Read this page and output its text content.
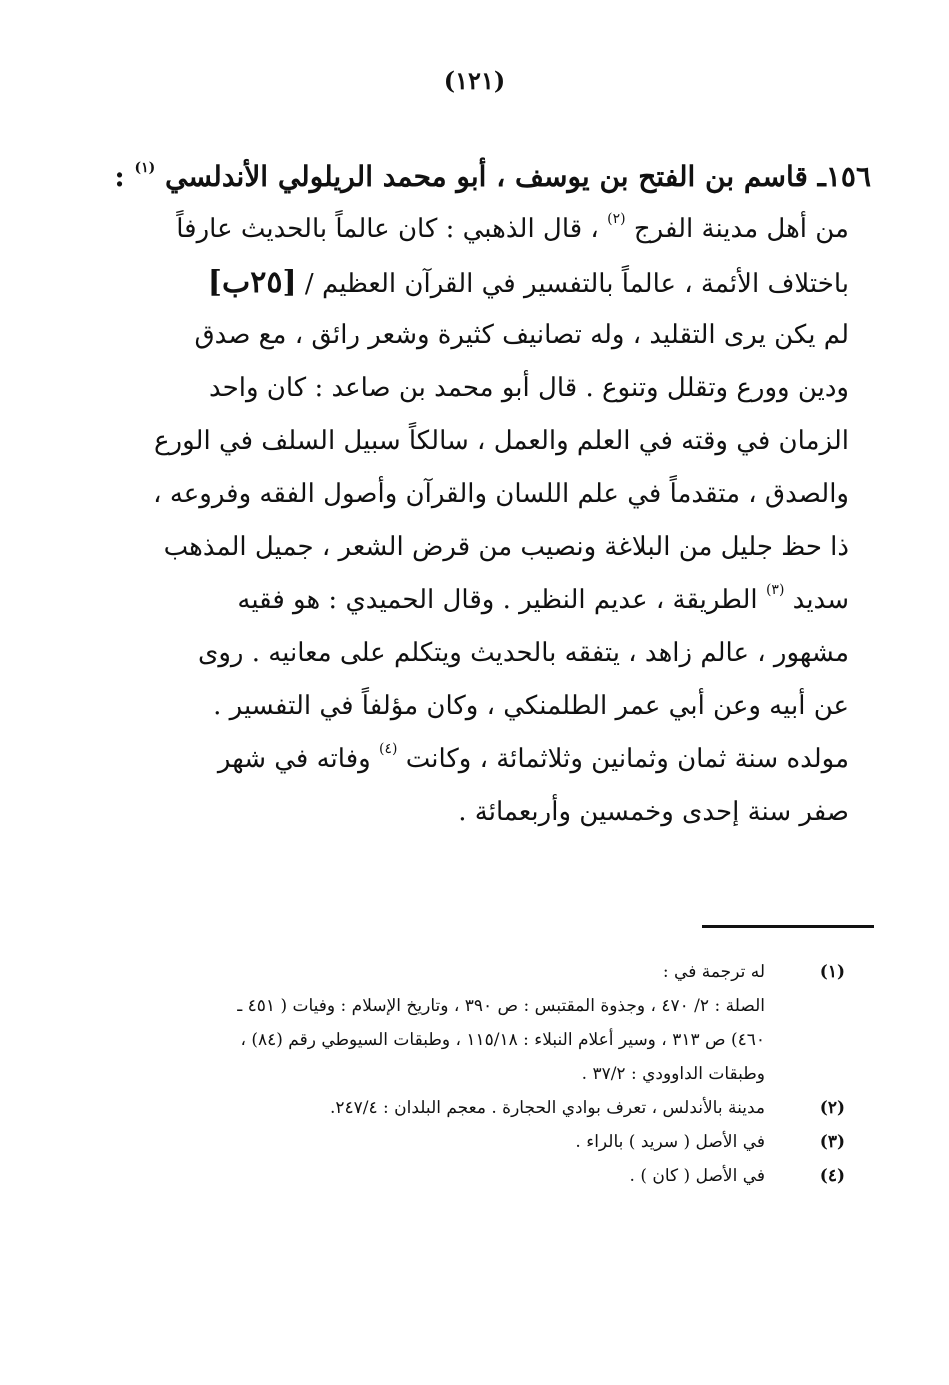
(١٢١)
١٥٦ـ قاسم بن الفتح بن يوسف ، أبو محمد الريلولي الأندلسي $^{(١)}$ :
من أهل مدينة الفرج $^{(٢)}$ ، قال الذهبي : كان عالماً بالحديث عارفاً
باختلاف الأئمة ، عالماً بالتفسير في القرآن العظيم / [٢٥ب]
لم يكن يرى التقليد ، وله تصانيف كثيرة وشعر رائق ، مع صدق
ودين وورع وتقلل وتنوع . قال أبو محمد بن صاعد : كان واحد
الزمان في وقته في العلم والعمل ، سالكاً سبيل السلف في الورع
والصدق ، متقدماً في علم اللسان والقرآن وأصول الفقه وفروعه ،
ذا حظ جليل من البلاغة ونصيب من قرض الشعر ، جميل المذهب
سديد $^{(٣)}$ الطريقة ، عديم النظير . وقال الحميدي : هو فقيه
مشهور ، عالم زاهد ، يتفقه بالحديث ويتكلم على معانيه . روى
عن أبيه وعن أبي عمر الطلمنكي ، وكان مؤلفاً في التفسير .
مولده سنة ثمان وثمانين وثلاثمائة ، وكانت $^{(٤)}$ وفاته في شهر
صفر سنة إحدى وخمسين وأربعمائة .
(١)
له ترجمة في :
الصلة : ٢/ ٤٧٠ ، وجذوة المقتبس : ص ٣٩٠ ، وتاريخ الإسلام : وفيات ( ٤٥١ ـ
٤٦٠) ص ٣١٣ ، وسير أعلام النبلاء : ١١٥/١٨ ، وطبقات السيوطي رقم (٨٤) ،
وطبقات الداوودي : ٣٧/٢ .
(٢)
مدينة بالأندلس ، تعرف بوادي الحجارة . معجم البلدان : ٢٤٧/٤.
(٣)
في الأصل ( سريد ) بالراء .
(٤)
في الأصل ( كان ) .
